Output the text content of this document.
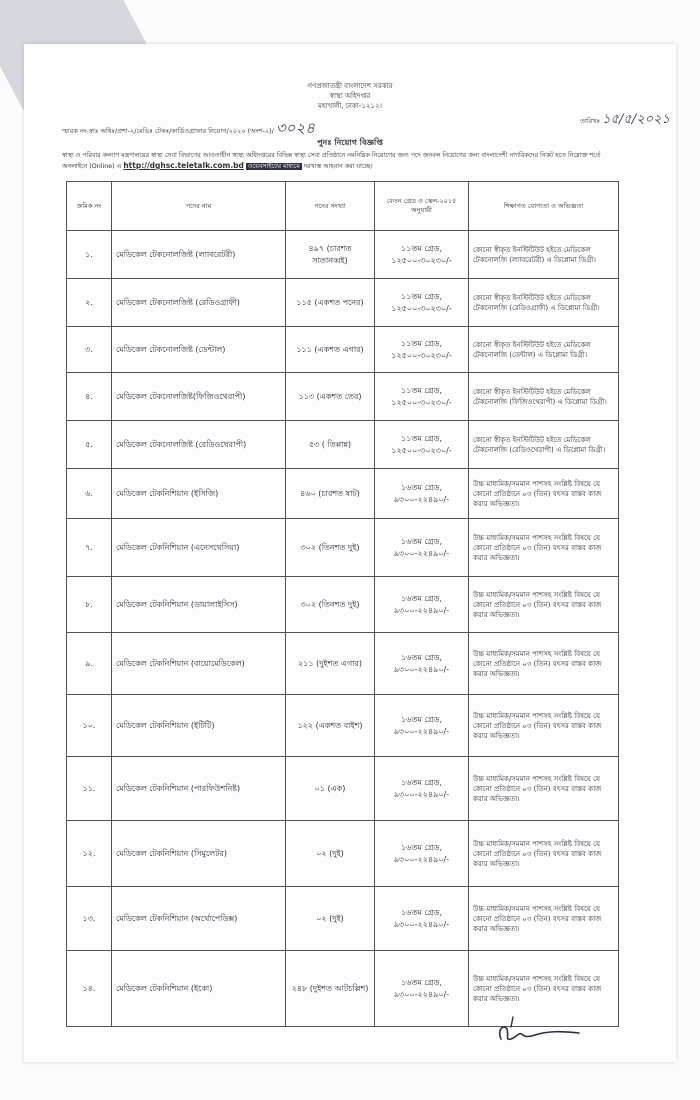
গণপ্রজাতন্ত্রী বাংলাদেশ সরকার
স্বাস্থ্য অধিদপ্তর
মহাখালী, ঢাকা-১২১২।
স্মারক নং-স্বাঃ অধিঃ/প্রশা-২/মেডিঃ টেকঃ/কার্ডিওগ্রাফার নিয়োগ/২০২০ (অংশ-২)/ ৩০২৪	তারিখঃ ১৫/৫/২০২১
পুনঃ নিয়োগ বিজ্ঞপ্তি
স্বাস্থ্য ও পরিবার কল্যাণ মন্ত্রণালয়ের স্বাস্থ্য সেবা বিভাগের আওতাধীন স্বাস্থ্য অধিদপ্তরের বিভিন্ন স্বাস্থ্য সেবা প্রতিষ্ঠানে নমনিম্নিক নিয়োগের জন্য পদে জনবল নিয়োগের জন্য বাংলাদেশী নাগরিকদের নিকট হতে নিম্নোক্ত শর্তে অনলাইনে (Online) এ http://dghsc.teletalk.com.bd ওয়েবসাইটের মাধ্যমে দরখাস্ত আহবান করা যাচ্ছে।
ক্রমিক নং	পদের নাম	পদের সংখ্যা	বেতন গ্রেড ও স্কেল-২০১৫ অনুযায়ী	শিক্ষাগত যোগ্যতা ও অভিজ্ঞতা
১.	মেডিকেল টেকনোলজিষ্ট (ল্যাবরেটরী)	৪৯৭ (চারশত সাতানব্বই)	১১তম গ্রেড, ১২৫০০-৩০২৩০/-	কোনো স্বীকৃত ইনস্টিটিউট হইতে মেডিকেল টেকনোলজি (ল্যাবরেটরী) এ ডিপ্লোমা ডিগ্রী।
২.	মেডিকেল টেকনোলজিষ্ট (রেডিওগ্রাফী)	১১৫ (একশত পনের)	১১তম গ্রেড, ১২৫০০-৩০২৩০/-	কোনো স্বীকৃত ইনস্টিটিউট হইতে মেডিকেল টেকনোলজি (রেডিওগ্রাফী) এ ডিপ্লোমা ডিগ্রী।
৩.	মেডিকেল টেকনোলজিষ্ট (ডেন্টাল)	১১১ (একশত এগার)	১১তম গ্রেড, ১২৫০০-৩০২৩০/-	কোনো স্বীকৃত ইনস্টিটিউট হইতে মেডিকেল টেকনোলজি (ডেন্টাল) এ ডিপ্লোমা ডিগ্রী।
৪.	মেডিকেল টেকনোলজিষ্ট(ফিজিওথেরাপী)	১১৩ (একশত তের)	১১তম গ্রেড, ১২৫০০-৩০২৩০/-	কোনো স্বীকৃত ইনস্টিটিউট হইতে মেডিকেল টেকনোলজি (ফিজিওথেরাপী) এ ডিপ্লোমা ডিগ্রী।
৫.	মেডিকেল টেকনোলজিষ্ট (রেডিওথেরাপী)	৫৩ ( তিপ্পান্ন)	১১তম গ্রেড, ১২৫০০-৩০২৩০/-	কোনো স্বীকৃত ইনস্টিটিউট হইতে মেডিকেল টেকনোলজি (রেডিওথেরাপী) এ ডিপ্লোমা ডিগ্রী।
৬.	মেডিকেল টেকনিশিয়ান (ইসিজি)	৪৬০ (চারশত ষাট)	১৬তম গ্রেড, ৯৩০০-২২৪৯০/-	উচ্চ মাধ্যমিক/সমমান পাশসহ সংশ্লিষ্ট বিষয়ে যে কোনো প্রতিষ্ঠানে ০৩ (তিন) বৎসর বাস্তব কাজ করার অভিজ্ঞতা।
৭.	মেডিকেল টেকনিশিয়ান (এনেসথেসিয়া)	৩০২ (তিনশত দুই)	১৬তম গ্রেড, ৯৩০০-২২৪৯০/-	উচ্চ মাধ্যমিক/সমমান পাশসহ সংশ্লিষ্ট বিষয়ে যে কোনো প্রতিষ্ঠানে ০৩ (তিন) বৎসর বাস্তব কাজ করার অভিজ্ঞতা।
৮.	মেডিকেল টেকনিশিয়ান (ডায়ালাইসিস)	৩০২ (তিনশত দুই)	১৬তম গ্রেড, ৯৩০০-২২৪৯০/-	উচ্চ মাধ্যমিক/সমমান পাশসহ সংশ্লিষ্ট বিষয়ে যে কোনো প্রতিষ্ঠানে ০৩ (তিন) বৎসর বাস্তব কাজ করার অভিজ্ঞতা।
৯.	মেডিকেল টেকনিশিয়ান (বায়োমেডিকেল)	২১১ (দুইশত এগার)	১৬তম গ্রেড, ৯৩০০-২২৪৯০/-	উচ্চ মাধ্যমিক/সমমান পাশসহ সংশ্লিষ্ট বিষয়ে যে কোনো প্রতিষ্ঠানে ০৩ (তিন) বৎসর বাস্তব কাজ করার অভিজ্ঞতা।
১০.	মেডিকেল টেকনিশিয়ান (ইটিটি)	১২২ (একশত বাইশ)	১৬তম গ্রেড, ৯৩০০-২২৪৯০/-	উচ্চ মাধ্যমিক/সমমান পাশসহ সংশ্লিষ্ট বিষয়ে যে কোনো প্রতিষ্ঠানে ০৩ (তিন) বৎসর বাস্তব কাজ করার অভিজ্ঞতা।
১১.	মেডিকেল টেকনিশিয়ান (পারফিউশনিষ্ট)	০১ (এক)	১৬তম গ্রেড, ৯৩০০-২২৪৯০/-	উচ্চ মাধ্যমিক/সমমান পাশসহ সংশ্লিষ্ট বিষয়ে যে কোনো প্রতিষ্ঠানে ০৩ (তিন) বৎসর বাস্তব কাজ করার অভিজ্ঞতা।
১২.	মেডিকেল টেকনিশিয়ান (সিমুলেটর)	০২ (দুই)	১৬তম গ্রেড, ৯৩০০-২২৪৯০/-	উচ্চ মাধ্যমিক/সমমান পাশসহ সংশ্লিষ্ট বিষয়ে যে কোনো প্রতিষ্ঠানে ০৩ (তিন) বৎসর বাস্তব কাজ করার অভিজ্ঞতা।
১৩.	মেডিকেল টেকনিশিয়ান (অর্থোপেডিক্স)	০২ (দুই)	১৬তম গ্রেড, ৯৩০০-২২৪৯০/-	উচ্চ মাধ্যমিক/সমমান পাশসহ সংশ্লিষ্ট বিষয়ে যে কোনো প্রতিষ্ঠানে ০৩ (তিন) বৎসর বাস্তব কাজ করার অভিজ্ঞতা।
১৪.	মেডিকেল টেকনিশিয়ান (ইকো)	২৪৮ (দুইশত আটচল্লিশ)	১৬তম গ্রেড, ৯৩০০-২২৪৯০/-	উচ্চ মাধ্যমিক/সমমান পাশসহ সংশ্লিষ্ট বিষয়ে যে কোনো প্রতিষ্ঠানে ০৩ (তিন) বৎসর বাস্তব কাজ করার অভিজ্ঞতা।
